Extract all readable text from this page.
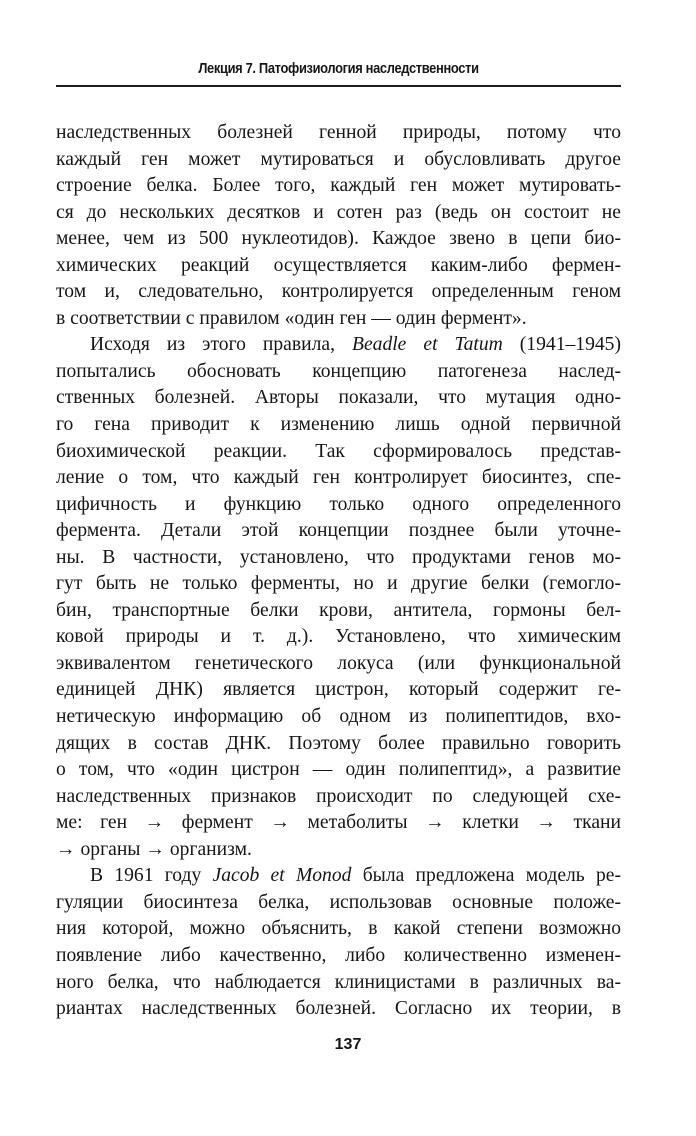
Лекция 7. Патофизиология наследственности
наследственных болезней генной природы, потому что
каждый ген может мутироваться и обусловливать другое
строение белка. Более того, каждый ген может мутировать-
ся до нескольких десятков и сотен раз (ведь он состоит не
менее, чем из 500 нуклеотидов). Каждое звено в цепи био-
химических реакций осуществляется каким-либо фермен-
том и, следовательно, контролируется определенным геном
в соответствии с правилом «один ген — один фермент».
Исходя из этого правила, Beadle et Tatum (1941–1945)
попытались обосновать концепцию патогенеза наслед-
ственных болезней. Авторы показали, что мутация одно-
го гена приводит к изменению лишь одной первичной
биохимической реакции. Так сформировалось представ-
ление о том, что каждый ген контролирует биосинтез, спе-
цифичность и функцию только одного определенного
фермента. Детали этой концепции позднее были уточне-
ны. В частности, установлено, что продуктами генов мо-
гут быть не только ферменты, но и другие белки (гемогло-
бин, транспортные белки крови, антитела, гормоны бел-
ковой природы и т. д.). Установлено, что химическим
эквивалентом генетического локуса (или функциональной
единицей ДНК) является цистрон, который содержит ге-
нетическую информацию об одном из полипептидов, вхо-
дящих в состав ДНК. Поэтому более правильно говорить
о том, что «один цистрон — один полипептид», а развитие
наследственных признаков происходит по следующей схе-
ме: ген → фермент → метаболиты → клетки → ткани
→ органы → организм.
В 1961 году Jacob et Monod была предложена модель ре-
гуляции биосинтеза белка, использовав основные положе-
ния которой, можно объяснить, в какой степени возможно
появление либо качественно, либо количественно изменен-
ного белка, что наблюдается клиницистами в различных ва-
риантах наследственных болезней. Согласно их теории, в
137
